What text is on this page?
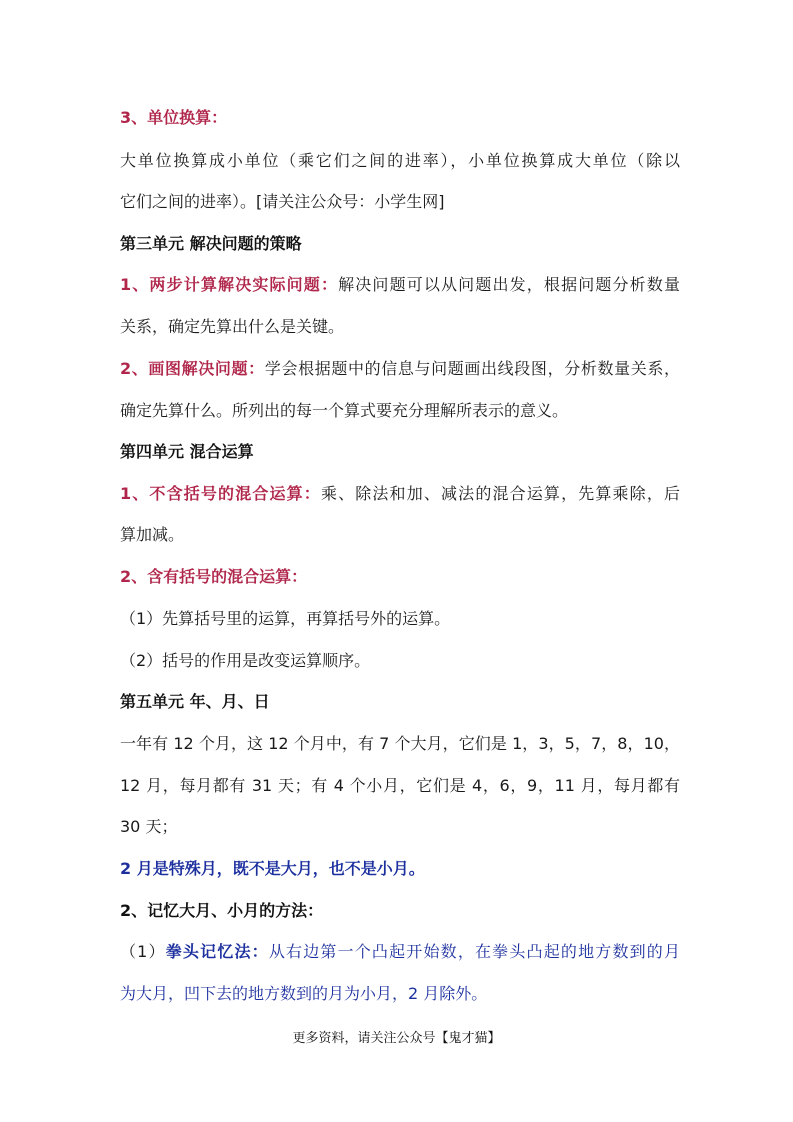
3、单位换算：
大单位换算成小单位（乘它们之间的进率），小单位换算成大单位（除以
它们之间的进率）。[请关注公众号：小学生网]
第三单元 解决问题的策略
1、两步计算解决实际问题：解决问题可以从问题出发，根据问题分析数量
关系，确定先算出什么是关键。
2、画图解决问题：学会根据题中的信息与问题画出线段图，分析数量关系，
确定先算什么。所列出的每一个算式要充分理解所表示的意义。
第四单元 混合运算
1、不含括号的混合运算：乘、除法和加、减法的混合运算，先算乘除，后
算加减。
2、含有括号的混合运算：
（1）先算括号里的运算，再算括号外的运算。
（2）括号的作用是改变运算顺序。
第五单元 年、月、日
一年有 12 个月，这 12 个月中，有 7 个大月，它们是 1，3，5，7，8，10，
12 月，每月都有 31 天；有 4 个小月，它们是 4，6，9，11 月，每月都有
30 天；
2 月是特殊月，既不是大月，也不是小月。
2、记忆大月、小月的方法：
（1）拳头记忆法：从右边第一个凸起开始数，在拳头凸起的地方数到的月
为大月，凹下去的地方数到的月为小月，2 月除外。
更多资料，请关注公众号【鬼才猫】
